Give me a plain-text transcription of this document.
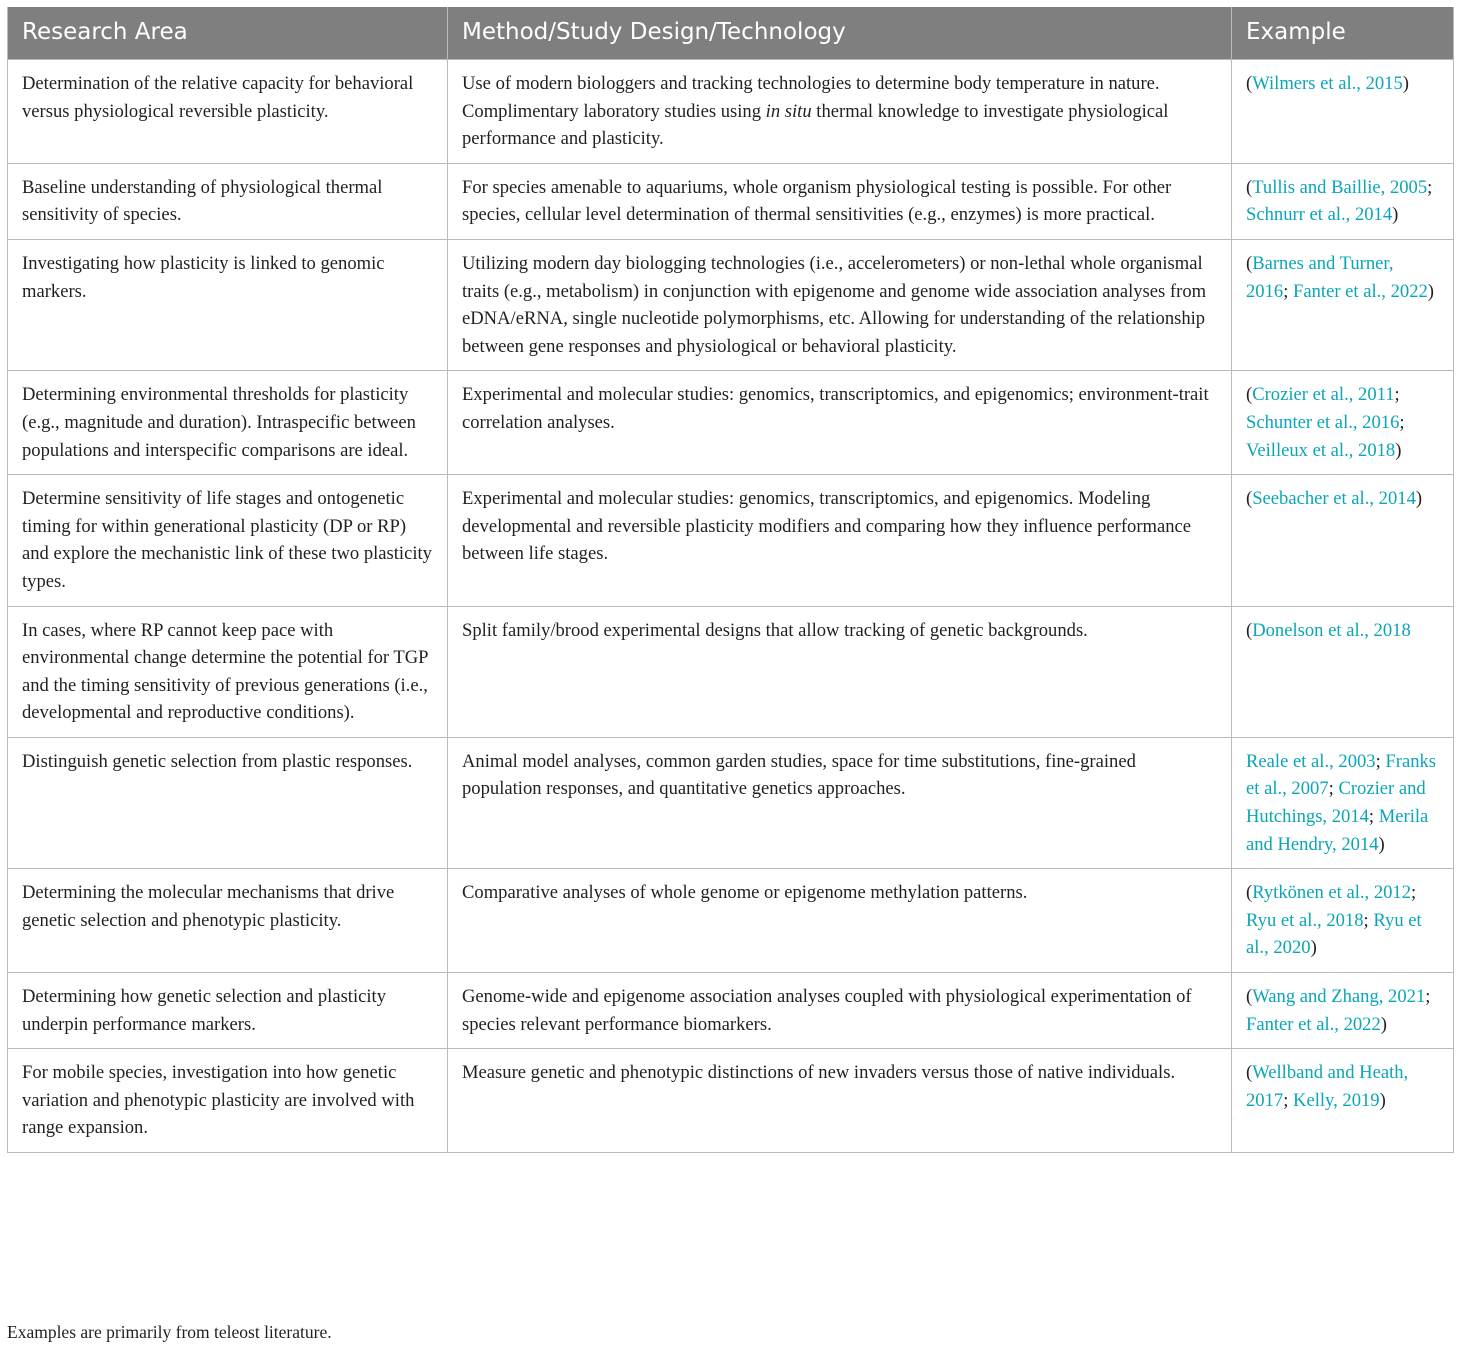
Research Area	Method/Study Design/Technology	Example
Determination of the relative capacity for behavioral versus physiological reversible plasticity.	Use of modern biologgers and tracking technologies to determine body temperature in nature. Complimentary laboratory studies using in situ thermal knowledge to investigate physiological performance and plasticity.	(Wilmers et al., 2015)
Baseline understanding of physiological thermal sensitivity of species.	For species amenable to aquariums, whole organism physiological testing is possible. For other species, cellular level determination of thermal sensitivities (e.g., enzymes) is more practical.	(Tullis and Baillie, 2005; Schnurr et al., 2014)
Investigating how plasticity is linked to genomic markers.	Utilizing modern day biologging technologies (i.e., accelerometers) or non-lethal whole organismal traits (e.g., metabolism) in conjunction with epigenome and genome wide association analyses from eDNA/eRNA, single nucleotide polymorphisms, etc. Allowing for understanding of the relationship between gene responses and physiological or behavioral plasticity.	(Barnes and Turner, 2016; Fanter et al., 2022)
Determining environmental thresholds for plasticity (e.g., magnitude and duration). Intraspecific between populations and interspecific comparisons are ideal.	Experimental and molecular studies: genomics, transcriptomics, and epigenomics; environment-trait correlation analyses.	(Crozier et al., 2011; Schunter et al., 2016; Veilleux et al., 2018)
Determine sensitivity of life stages and ontogenetic timing for within generational plasticity (DP or RP) and explore the mechanistic link of these two plasticity types.	Experimental and molecular studies: genomics, transcriptomics, and epigenomics. Modeling developmental and reversible plasticity modifiers and comparing how they influence performance between life stages.	(Seebacher et al., 2014)
In cases, where RP cannot keep pace with environmental change determine the potential for TGP and the timing sensitivity of previous generations (i.e., developmental and reproductive conditions).	Split family/brood experimental designs that allow tracking of genetic backgrounds.	(Donelson et al., 2018
Distinguish genetic selection from plastic responses.	Animal model analyses, common garden studies, space for time substitutions, fine-grained population responses, and quantitative genetics approaches.	Reale et al., 2003; Franks et al., 2007; Crozier and Hutchings, 2014; Merila and Hendry, 2014)
Determining the molecular mechanisms that drive genetic selection and phenotypic plasticity.	Comparative analyses of whole genome or epigenome methylation patterns.	(Rytkönen et al., 2012; Ryu et al., 2018; Ryu et al., 2020)
Determining how genetic selection and plasticity underpin performance markers.	Genome-wide and epigenome association analyses coupled with physiological experimentation of species relevant performance biomarkers.	(Wang and Zhang, 2021; Fanter et al., 2022)
For mobile species, investigation into how genetic variation and phenotypic plasticity are involved with range expansion.	Measure genetic and phenotypic distinctions of new invaders versus those of native individuals.	(Wellband and Heath, 2017; Kelly, 2019)
Examples are primarily from teleost literature.
